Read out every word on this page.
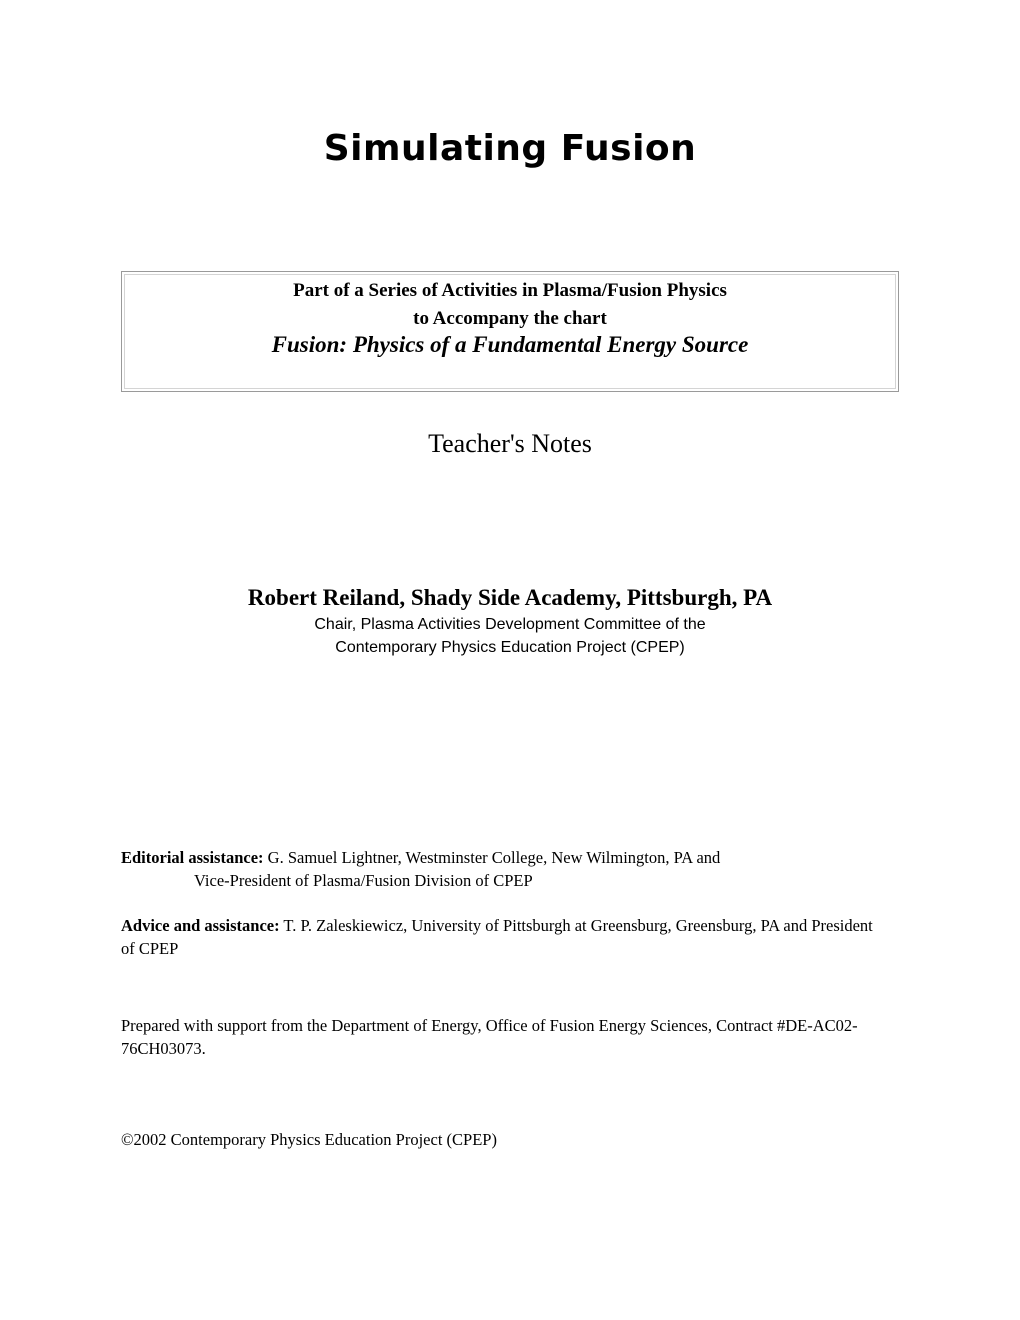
Simulating Fusion
Part of a Series of Activities in Plasma/Fusion Physics
to Accompany the chart
Fusion: Physics of a Fundamental Energy Source
Teacher's Notes
Robert Reiland, Shady Side Academy, Pittsburgh, PA
Chair, Plasma Activities Development Committee of the
Contemporary Physics Education Project (CPEP)
Editorial assistance: G. Samuel Lightner, Westminster College, New Wilmington, PA and
Vice-President of Plasma/Fusion Division of CPEP
Advice and assistance: T. P. Zaleskiewicz, University of Pittsburgh at Greensburg, Greensburg, PA and President of CPEP
Prepared with support from the Department of Energy, Office of Fusion Energy Sciences, Contract #DE-AC02-76CH03073.
©2002 Contemporary Physics Education Project (CPEP)
